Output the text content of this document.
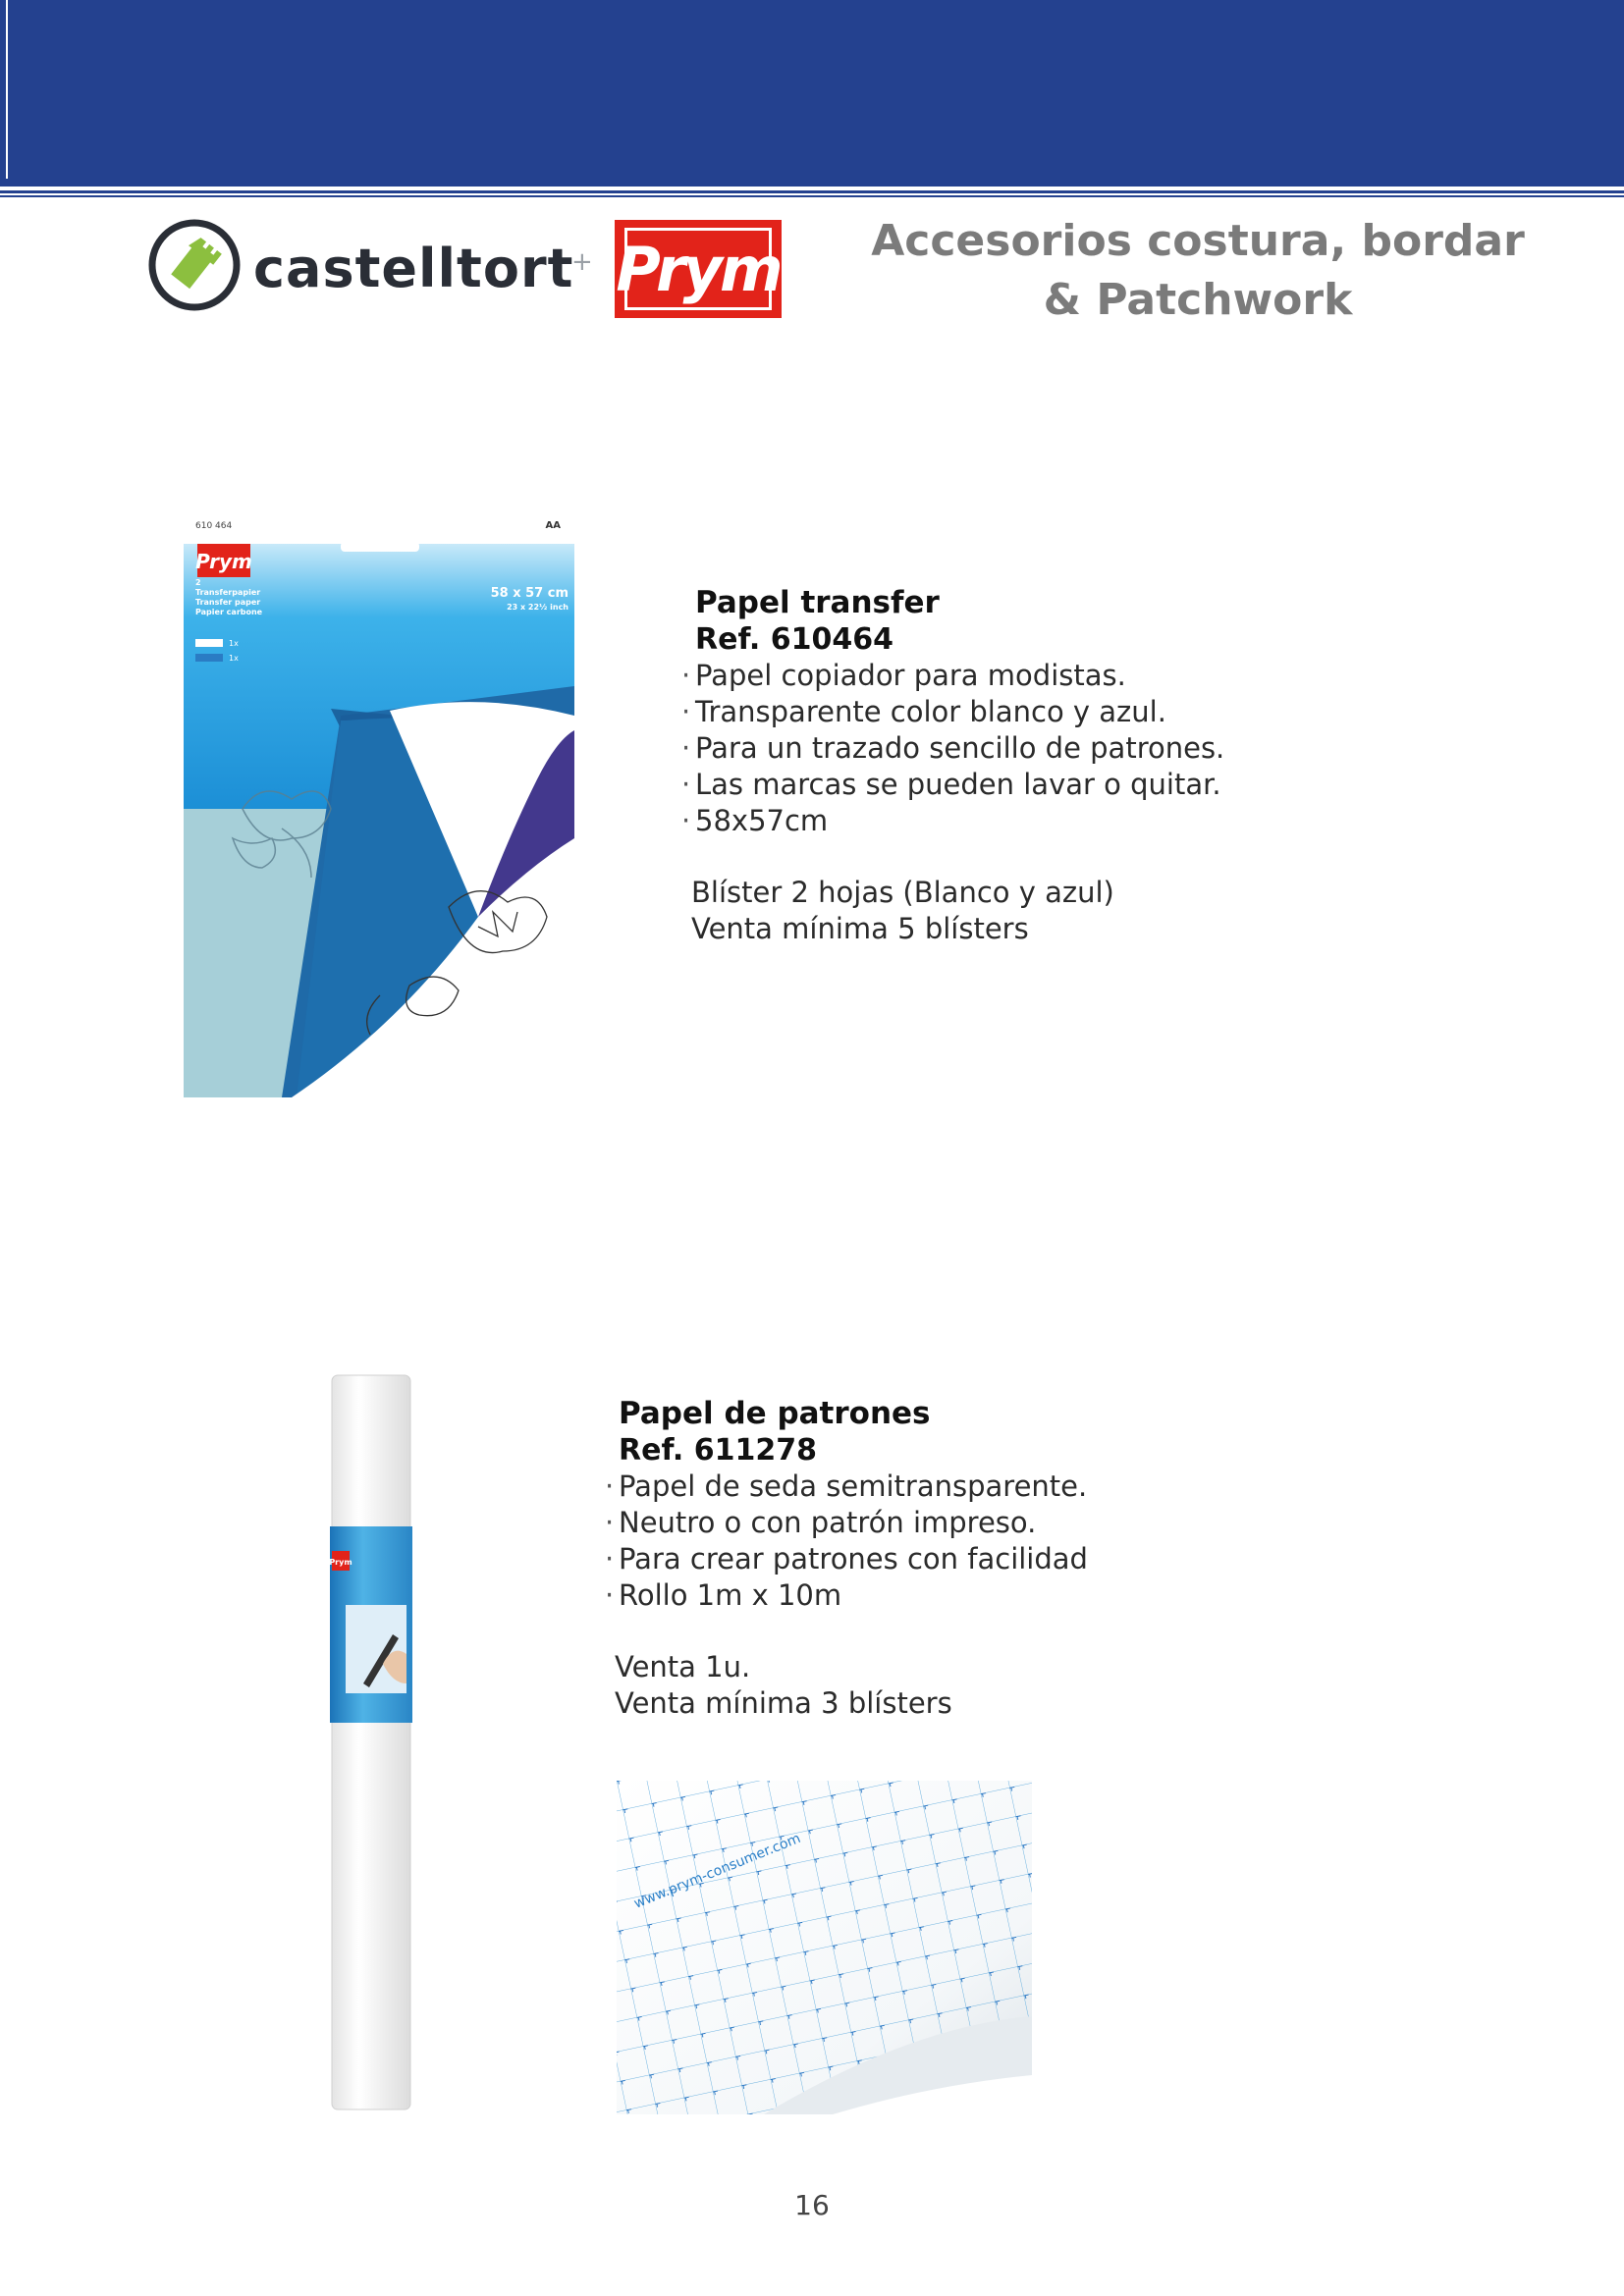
castelltort
+ Prym	Accesorios costura, bordar
& Patchwork
Prym
610 464	AA
2
Transferpapier
Transfer paper
Papier carbone
1x
1x
58 x 57 cm
23 x 22½ inch	Papel transfer
Ref. 610464
· Papel copiador para modistas.
· Transparente color blanco y azul.
· Para un trazado sencillo de patrones.
· Las marcas se pueden lavar o quitar.
· 58x57cm
Blíster 2 hojas (Blanco y azul)
Venta mínima 5 blísters
Prym
Papel de patrones
Ref. 611278
· Papel de seda semitransparente.
· Neutro o con patrón impreso.
· Para crear patrones con facilidad
· Rollo 1m x 10m
Venta 1u.
Venta mínima 3 blísters
www.prym-consumer.com
16
